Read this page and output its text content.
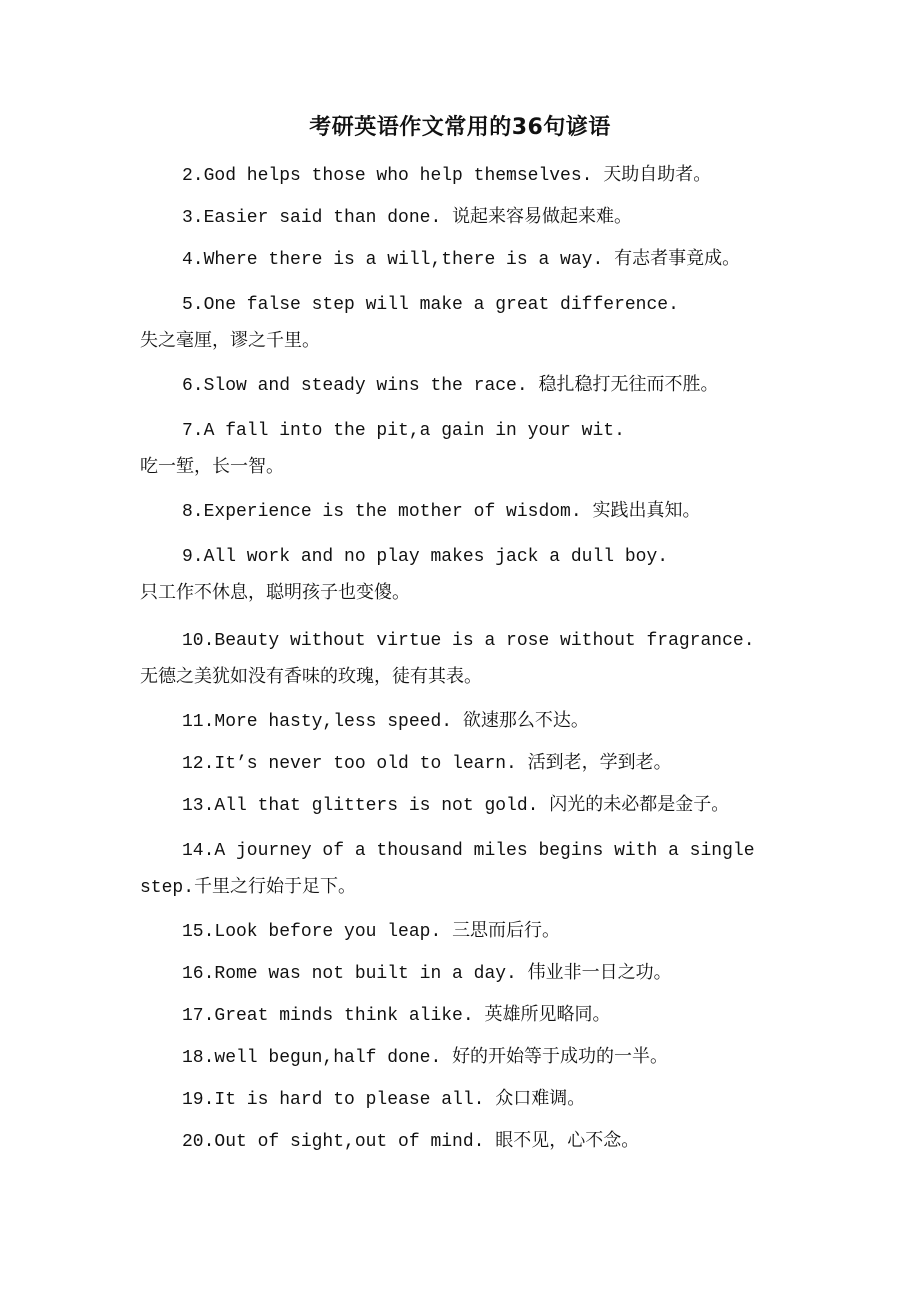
考研英语作文常用的36句谚语

2.God helps those who help themselves. 天助自助者。

3.Easier said than done. 说起来容易做起来难。

4.Where there is a will,there is a way. 有志者事竟成。

5.One false step will make a great difference.
失之毫厘，谬之千里。

6.Slow and steady wins the race. 稳扎稳打无往而不胜。

7.A fall into the pit,a gain in your wit.
吃一堑，长一智。

8.Experience is the mother of wisdom. 实践出真知。

9.All work and no play makes jack a dull boy.
只工作不休息，聪明孩子也变傻。

10.Beauty without virtue is a rose without fragrance.
无德之美犹如没有香味的玫瑰，徒有其表。

11.More hasty,less speed. 欲速那么不达。

12.It’s never too old to learn. 活到老，学到老。

13.All that glitters is not gold. 闪光的未必都是金子。

14.A journey of a thousand miles begins with a single
step.千里之行始于足下。

15.Look before you leap. 三思而后行。

16.Rome was not built in a day. 伟业非一日之功。

17.Great minds think alike. 英雄所见略同。

18.well begun,half done. 好的开始等于成功的一半。

19.It is hard to please all. 众口难调。

20.Out of sight,out of mind. 眼不见，心不念。
